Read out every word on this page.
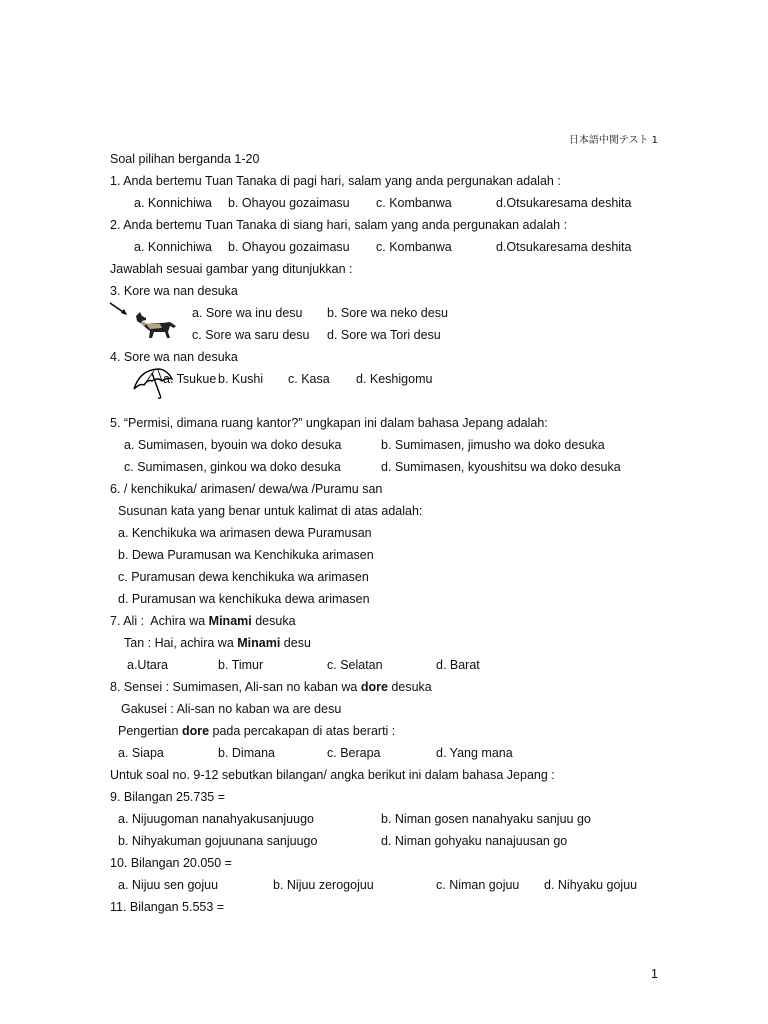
日本語中関テスト 1
Soal pilihan berganda 1-20
1. Anda bertemu Tuan Tanaka di pagi hari, salam yang anda pergunakan adalah :
a. Konnichiwa b. Ohayou gozaimasu c. Kombanwa	d.Otsukaresama deshita
2. Anda bertemu Tuan Tanaka di siang hari, salam yang anda pergunakan adalah :
a. Konnichiwa b. Ohayou gozaimasu c. Kombanwa	d.Otsukaresama deshita
Jawablah sesuai gambar yang ditunjukkan :
3. Kore wa nan desuka
a. Sore wa inu desu b. Sore wa neko desu
c. Sore wa saru desu d. Sore wa Tori desu
4. Sore wa nan desuka
a. Tsukue b. Kushi c. Kasa d. Keshigomu
5. “Permisi, dimana ruang kantor?” ungkapan ini dalam bahasa Jepang adalah:
a. Sumimasen, byouin wa doko desuka	b. Sumimasen, jimusho wa doko desuka
c. Sumimasen, ginkou wa doko desuka	d. Sumimasen, kyoushitsu wa doko desuka
6. / kenchikuka/ arimasen/ dewa/wa /Puramu san
Susunan kata yang benar untuk kalimat di atas adalah:
a. Kenchikuka wa arimasen dewa Puramusan
b. Dewa Puramusan wa Kenchikuka arimasen
c. Puramusan dewa kenchikuka wa arimasen
d. Puramusan wa kenchikuka dewa arimasen
7. Ali :  Achira wa Minami desuka
Tan : Hai, achira wa Minami desu
a.Utara	b. Timur	c. Selatan	d. Barat
8. Sensei : Sumimasen, Ali-san no kaban wa dore desuka
Gakusei : Ali-san no kaban wa are desu
Pengertian dore pada percakapan di atas berarti :
a. Siapa	b. Dimana	c. Berapa	d. Yang mana
Untuk soal no. 9-12 sebutkan bilangan/ angka berikut ini dalam bahasa Jepang :
9. Bilangan 25.735 =
a. Nijuugoman nanahyakusanjuugo	b. Niman gosen nanahyaku sanjuu go
b. Nihyakuman gojuunana sanjuugo	d. Niman gohyaku nanajuusan go
10. Bilangan 20.050 =
a. Nijuu sen gojuu	b. Nijuu zerogojuu	c. Niman gojuu d. Nihyaku gojuu
11. Bilangan 5.553 =
1
